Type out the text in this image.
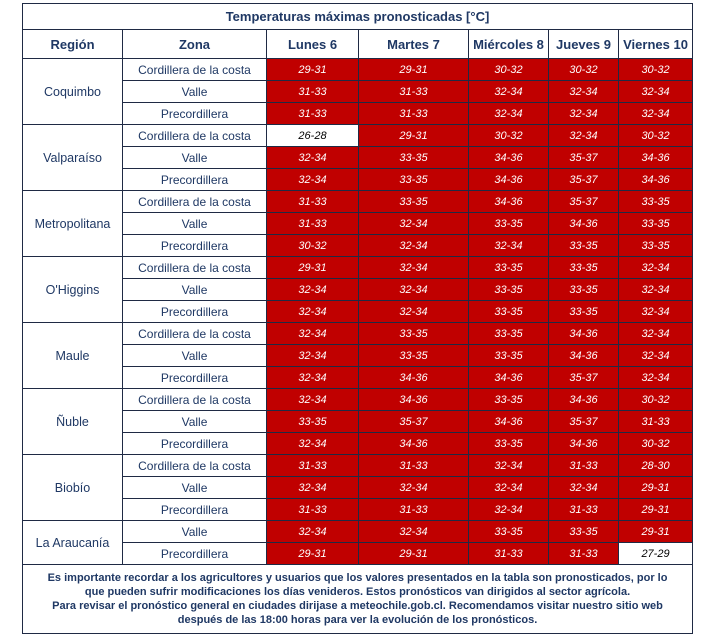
Temperaturas máximas pronosticadas [°C]						
Región	Zona	Lunes 6	Martes 7	Miércoles 8	Jueves 9	Viernes 10
Coquimbo	Cordillera de la costa	29-31	29-31	30-32	30-32	30-32
	Valle	31-33	31-33	32-34	32-34	32-34
	Precordillera	31-33	31-33	32-34	32-34	32-34
Valparaíso	Cordillera de la costa	26-28	29-31	30-32	32-34	30-32
	Valle	32-34	33-35	34-36	35-37	34-36
	Precordillera	32-34	33-35	34-36	35-37	34-36
Metropolitana	Cordillera de la costa	31-33	33-35	34-36	35-37	33-35
	Valle	31-33	32-34	33-35	34-36	33-35
	Precordillera	30-32	32-34	32-34	33-35	33-35
O'Higgins	Cordillera de la costa	29-31	32-34	33-35	33-35	32-34
	Valle	32-34	32-34	33-35	33-35	32-34
	Precordillera	32-34	32-34	33-35	33-35	32-34
Maule	Cordillera de la costa	32-34	33-35	33-35	34-36	32-34
	Valle	32-34	33-35	33-35	34-36	32-34
	Precordillera	32-34	34-36	34-36	35-37	32-34
Ñuble	Cordillera de la costa	32-34	34-36	33-35	34-36	30-32
	Valle	33-35	35-37	34-36	35-37	31-33
	Precordillera	32-34	34-36	33-35	34-36	30-32
Biobío	Cordillera de la costa	31-33	31-33	32-34	31-33	28-30
	Valle	32-34	32-34	32-34	32-34	29-31
	Precordillera	31-33	31-33	32-34	31-33	29-31
La Araucanía	Valle	32-34	32-34	33-35	33-35	29-31
	Precordillera	29-31	29-31	31-33	31-33	27-29

Es importante recordar a los agricultores y usuarios que los valores presentados en la tabla son pronosticados, por lo
que pueden sufrir modificaciones los días venideros. Estos pronósticos van dirigidos al sector agrícola.
Para revisar el pronóstico general en ciudades dirijase a meteochile.gob.cl. Recomendamos visitar nuestro sitio web
después de las 18:00 horas para ver la evolución de los pronósticos.						
